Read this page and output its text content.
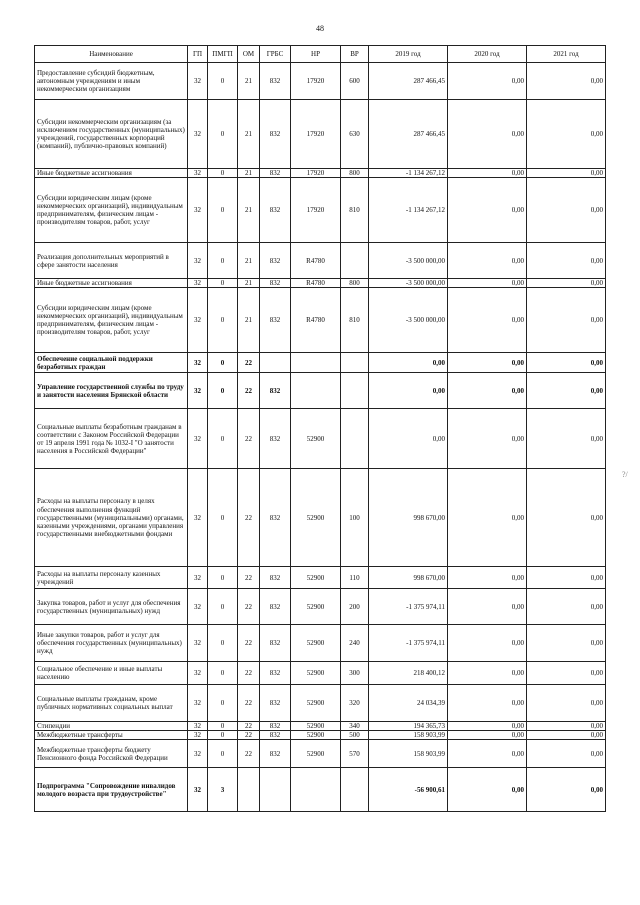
48
Наименование	ГП	ПМГП	ОМ	ГРБС	НР	ВР	2019 год	2020 год	2021 год
Предоставление субсидий бюджетным, автономным учреждениям и иным некоммерческим организациям	32	0	21	832	17920	600	287 466,45	0,00	0,00
Субсидии некоммерческим организациям (за исключением государственных (муниципальных) учреждений, государственных корпораций (компаний), публично-правовых компаний)	32	0	21	832	17920	630	287 466,45	0,00	0,00
Иные бюджетные ассигнования	32	0	21	832	17920	800	-1 134 267,12	0,00	0,00
Субсидии юридическим лицам (кроме некоммерческих организаций), индивидуальным предпринимателям, физическим лицам - производителям товаров, работ, услуг	32	0	21	832	17920	810	-1 134 267,12	0,00	0,00
Реализация дополнительных мероприятий в сфере занятости населения	32	0	21	832	R4780		-3 500 000,00	0,00	0,00
Иные бюджетные ассигнования	32	0	21	832	R4780	800	-3 500 000,00	0,00	0,00
Субсидии юридическим лицам (кроме некоммерческих организаций), индивидуальным предпринимателям, физическим лицам - производителям товаров, работ, услуг	32	0	21	832	R4780	810	-3 500 000,00	0,00	0,00
Обеспечение социальной поддержки безработных граждан	32	0	22				0,00	0,00	0,00
Управление государственной службы по труду и занятости населения Брянской области	32	0	22	832			0,00	0,00	0,00
Социальные выплаты безработным гражданам в соответствии с Законом Российской Федерации от 19 апреля 1991 года № 1032-I "О занятости населения в Российской Федерации"	32	0	22	832	52900		0,00	0,00	0,00
Расходы на выплаты персоналу в целях обеспечения выполнения функций государственными (муниципальными) органами, казенными учреждениями, органами управления государственными внебюджетными фондами	32	0	22	832	52900	100	998 670,00	0,00	0,00
Расходы на выплаты персоналу казенных учреждений	32	0	22	832	52900	110	998 670,00	0,00	0,00
Закупка товаров, работ и услуг для обеспечения государственных (муниципальных) нужд	32	0	22	832	52900	200	-1 375 974,11	0,00	0,00
Иные закупки товаров, работ и услуг для обеспечения государственных (муниципальных) нужд	32	0	22	832	52900	240	-1 375 974,11	0,00	0,00
Социальное обеспечение и иные выплаты населению	32	0	22	832	52900	300	218 400,12	0,00	0,00
Социальные выплаты гражданам, кроме публичных нормативных социальных выплат	32	0	22	832	52900	320	24 034,39	0,00	0,00
Стипендии	32	0	22	832	52900	340	194 365,73	0,00	0,00
Межбюджетные трансферты	32	0	22	832	52900	500	158 903,99	0,00	0,00
Межбюджетные трансферты бюджету Пенсионного фонда Российской Федерации	32	0	22	832	52900	570	158 903,99	0,00	0,00
Подпрограмма "Сопровождение инвалидов молодого возраста при трудоустройстве"	32	3					-56 900,61	0,00	0,00
?/
